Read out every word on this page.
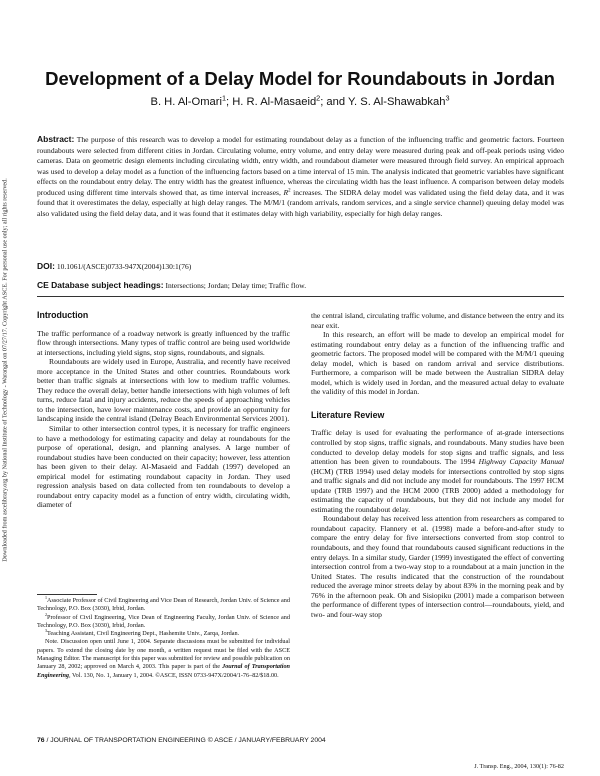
Downloaded from ascelibrary.org by National Institute of Technology - Warangal on 07/27/17. Copyright ASCE. For personal use only; all rights reserved.
Development of a Delay Model for Roundabouts in Jordan
B. H. Al-Omari$^1$; H. R. Al-Masaeid$^2$; and Y. S. Al-Shawabkah$^3$
Abstract: The purpose of this research was to develop a model for estimating roundabout delay as a function of the influencing traffic and geometric factors. Fourteen roundabouts were selected from different cities in Jordan. Circulating volume, entry volume, and entry delay were measured during peak and off-peak periods using video cameras. Data on geometric design elements including circulating width, entry width, and roundabout diameter were measured through field survey. An empirical approach was used to develop a delay model as a function of the influencing factors based on a time interval of 15 min. The analysis indicated that geometric variables have significant effects on the roundabout entry delay. The entry width has the greatest influence, whereas the circulating width has the least influence. A comparison between delay models produced using different time intervals showed that, as time interval increases, $R^2$ increases. The SIDRA delay model was validated using the field delay data, and it was found that it overestimates the delay, especially at high delay ranges. The M/M/1 (random arrivals, random services, and a single service channel) queuing delay model was also validated using the field delay data, and it was found that it estimates delay with high variability, especially for high delay ranges.
DOI: 10.1061/(ASCE)0733-947X(2004)130:1(76)
CE Database subject headings: Intersections; Jordan; Delay time; Traffic flow.
Introduction

The traffic performance of a roadway network is greatly influenced by the traffic flow through intersections. Many types of traffic control are being used worldwide at intersections, including yield signs, stop signs, roundabouts, and signals.

Roundabouts are widely used in Europe, Australia, and recently have received more acceptance in the United States and other countries. Roundabouts work better than traffic signals at intersections with low to medium traffic volumes. They reduce the overall delay, better handle intersections with high volumes of left turns, reduce fatal and injury accidents, reduce the speeds of approaching vehicles to the intersection, have lower maintenance costs, and provide an opportunity for landscaping inside the central island (Delray Beach Environmental Services 2001).

Similar to other intersection control types, it is necessary for traffic engineers to have a methodology for estimating capacity and delay at roundabouts for the purpose of operational, design, and planning analyses. A large number of roundabout studies have been conducted on their capacity; however, less attention has been given to their delay. Al-Masaeid and Faddah (1997) developed an empirical model for estimating roundabout capacity in Jordan. They used regression analysis based on data collected from ten roundabouts to develop a roundabout entry capacity model as a function of entry width, circulating width, diameter of

$^1$Associate Professor of Civil Engineering and Vice Dean of Research, Jordan Univ. of Science and Technology, P.O. Box (3030), Irbid, Jordan.

$^2$Professor of Civil Engineering, Vice Dean of Engineering Faculty, Jordan Univ. of Science and Technology, P.O. Box (3030), Irbid, Jordan.

$^3$Teaching Assistant, Civil Engineering Dept., Hashemite Univ., Zarqa, Jordan.

Note. Discussion open until June 1, 2004. Separate discussions must be submitted for individual papers. To extend the closing date by one month, a written request must be filed with the ASCE Managing Editor. The manuscript for this paper was submitted for review and possible publication on January 28, 2002; approved on March 4, 2003. This paper is part of the Journal of Transportation Engineering, Vol. 130, No. 1, January 1, 2004. ©ASCE, ISSN 0733-947X/2004/1-76–82/$18.00.

the central island, circulating traffic volume, and distance between the entry and its near exit.

In this research, an effort will be made to develop an empirical model for estimating roundabout entry delay as a function of the influencing traffic and geometric factors. The proposed model will be compared with the M/M/1 queuing delay model, which is based on random arrival and service distributions. Furthermore, a comparison will be made between the Australian SIDRA delay model, which is widely used in Jordan, and the measured actual delay to evaluate the validity of this model in Jordan.

Literature Review

Traffic delay is used for evaluating the performance of at-grade intersections controlled by stop signs, traffic signals, and roundabouts. Many studies have been conducted to develop delay models for stop signs and traffic signals, and less attention has been given to roundabouts. The 1994 Highway Capacity Manual (HCM) (TRB 1994) used delay models for intersections controlled by stop signs and traffic signals and did not include any model for roundabouts. The 1997 HCM update (TRB 1997) and the HCM 2000 (TRB 2000) added a methodology for estimating the capacity of roundabouts, but they did not include any model for estimating the roundabout delay.

Roundabout delay has received less attention from researchers as compared to roundabout capacity. Flannery et al. (1998) made a before-and-after study to compare the entry delay for five intersections converted from stop control to roundabouts, and they found that roundabouts caused significant reductions in the entry delays. In a similar study, Garder (1999) investigated the effect of converting intersection control from a two-way stop to a roundabout at a main junction in the United States. The results indicated that the construction of the roundabout reduced the average minor streets delay by about 83% in the morning peak and by 76% in the afternoon peak. Oh and Sisiopiku (2001) made a comparison between the performance of different types of intersection control—roundabouts, yield, and two- and four-way stop

76 / JOURNAL OF TRANSPORTATION ENGINEERING © ASCE / JANUARY/FEBRUARY 2004
J. Transp. Eng., 2004, 130(1): 76-82
